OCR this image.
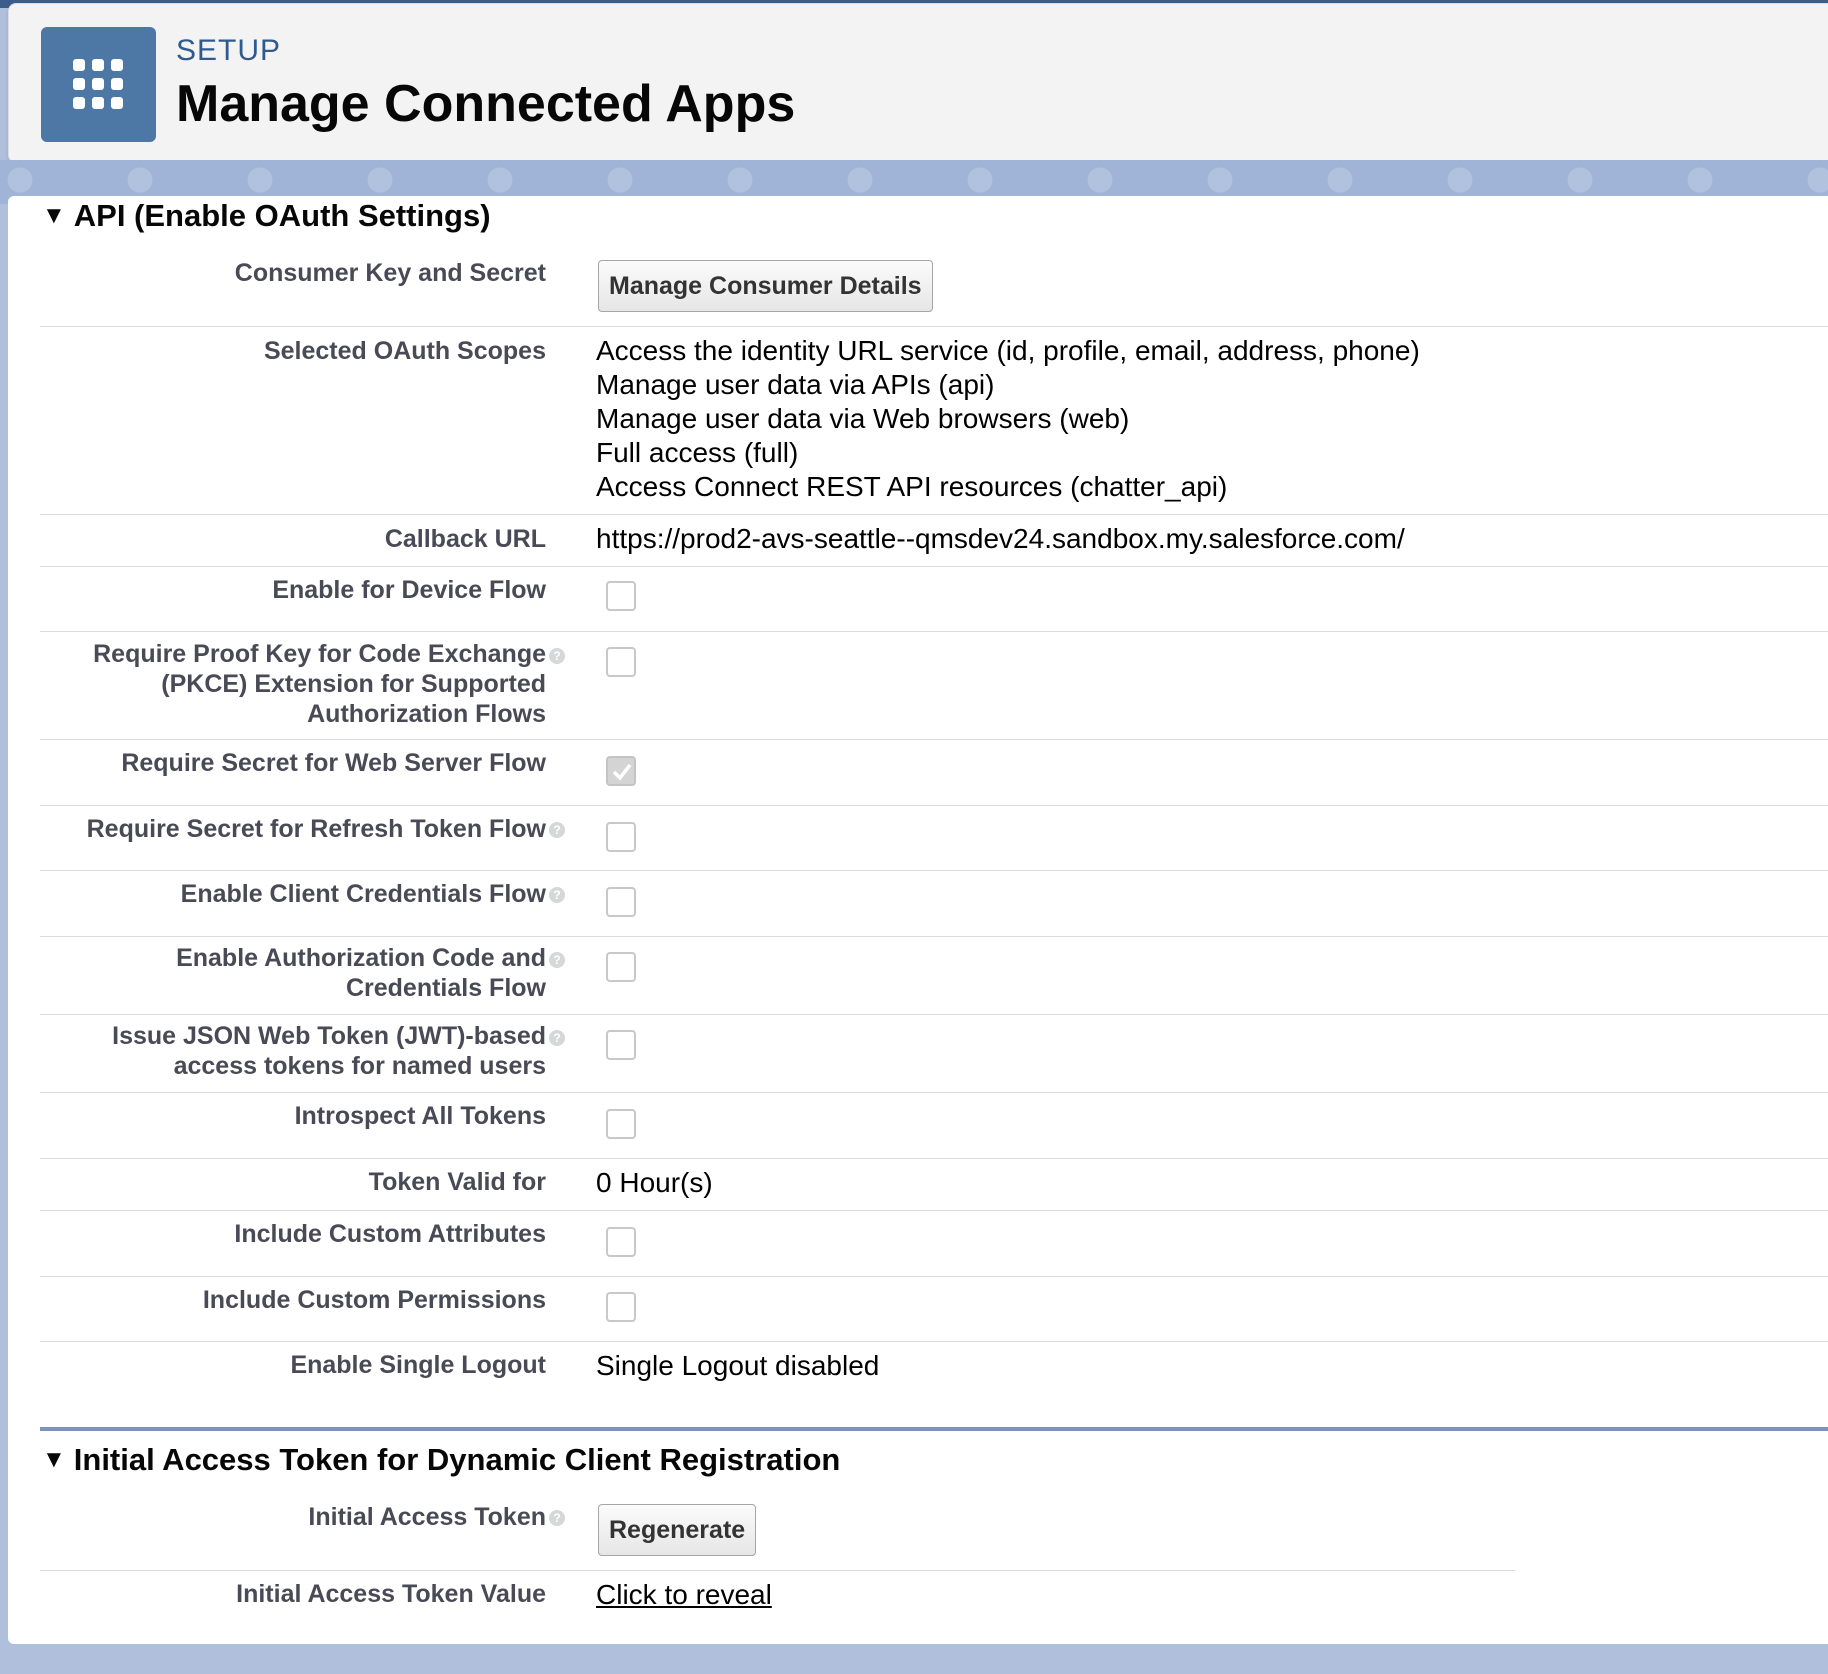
SETUP
Manage Connected Apps
▼ API (Enable OAuth Settings)
Consumer Key and Secret	Manage Consumer Details
Selected OAuth Scopes Access the identity URL service (id, profile, email, address, phone)
Manage user data via APIs (api)
Manage user data via Web browsers (web)
Full access (full)
Access Connect REST API resources (chatter_api)
Callback URL https://prod2-avs-seattle--qmsdev24.sandbox.my.salesforce.com/
Enable for Device Flow
Require Proof Key for Code Exchange
(PKCE) Extension for Supported
Authorization Flows
?
Require Secret for Web Server Flow
Require Secret for Refresh Token Flow ?
Enable Client Credentials Flow ?
Enable Authorization Code and
Credentials Flow
?
Issue JSON Web Token (JWT)-based
access tokens for named users
?
Introspect All Tokens
Token Valid for 0 Hour(s)
Include Custom Attributes
Include Custom Permissions
Enable Single Logout Single Logout disabled
▼ Initial Access Token for Dynamic Client Registration
Initial Access Token ?	Regenerate
Initial Access Token Value Click to reveal
